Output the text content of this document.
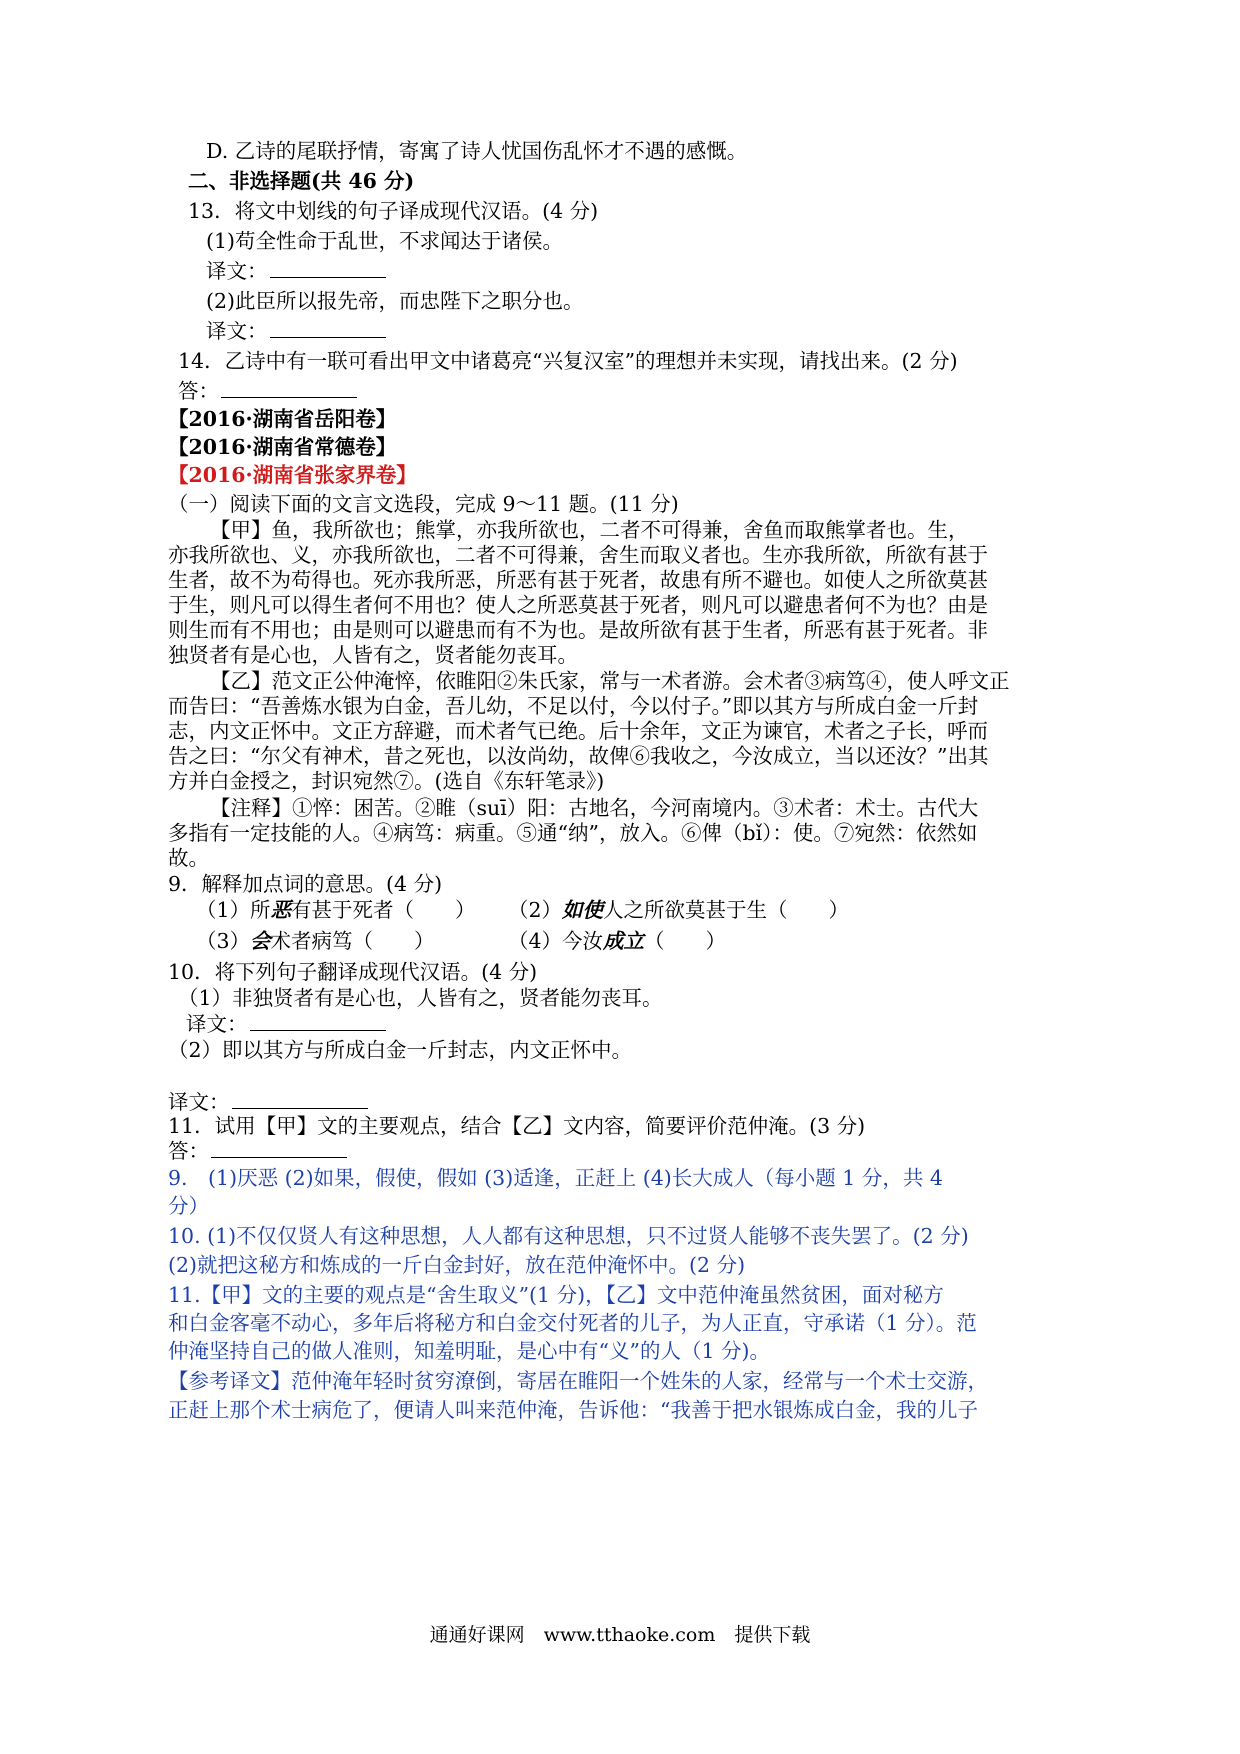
D. 乙诗的尾联抒情，寄寓了诗人忧国伤乱怀才不遇的感慨。
二、非选择题(共 46 分)
13．将文中划线的句子译成现代汉语。(4 分)
(1)苟全性命于乱世，不求闻达于诸侯。
译文：
(2)此臣所以报先帝，而忠陛下之职分也。
译文：
14．乙诗中有一联可看出甲文中诸葛亮“兴复汉室”的理想并未实现，请找出来。(2 分)
答：
【2016·湖南省岳阳卷】
【2016·湖南省常德卷】
【2016·湖南省张家界卷】
（一）阅读下面的文言文选段，完成 9～11 题。(11 分)
【甲】鱼，我所欲也；熊掌，亦我所欲也，二者不可得兼，舍鱼而取熊掌者也。生，
亦我所欲也、义，亦我所欲也，二者不可得兼，舍生而取义者也。生亦我所欲，所欲有甚于
生者，故不为苟得也。死亦我所恶，所恶有甚于死者，故患有所不避也。如使人之所欲莫甚
于生，则凡可以得生者何不用也？使人之所恶莫甚于死者，则凡可以避患者何不为也？由是
则生而有不用也；由是则可以避患而有不为也。是故所欲有甚于生者，所恶有甚于死者。非
独贤者有是心也，人皆有之，贤者能勿丧耳。
【乙】范文正公仲淹悴，依睢阳②朱氏家，常与一术者游。会术者③病笃④，使人呼文正
而告曰：“吾善炼水银为白金，吾儿幼，不足以付，今以付子。”即以其方与所成白金一斤封
志，内文正怀中。文正方辞避，而术者气已绝。后十余年，文正为谏官，术者之子长，呼而
告之曰：“尔父有神术，昔之死也，以汝尚幼，故俾⑥我收之，今汝成立，当以还汝？”出其
方并白金授之，封识宛然⑦。(选自《东轩笔录》)
【注释】①悴：困苦。②睢（suī）阳：古地名，今河南境内。③术者：术士。古代大
多指有一定技能的人。④病笃：病重。⑤通“纳”，放入。⑥俾（bǐ）：使。⑦宛然：依然如
故。
9．解释加点词的意思。(4 分)
（1）所恶有甚于死者（　　） （2）如使人之所欲莫甚于生（　　）
（3）会术者病笃（　　）	（4）今汝成立（　　）
10．将下列句子翻译成现代汉语。(4 分)
（1）非独贤者有是心也，人皆有之，贤者能勿丧耳。
译文：
（2）即以其方与所成白金一斤封志，内文正怀中。
译文：
11．试用【甲】文的主要观点，结合【乙】文内容，简要评价范仲淹。(3 分)
答：
9.　(1)厌恶 (2)如果，假使，假如 (3)适逢，正赶上 (4)长大成人（每小题 1 分，共 4
分）
10. (1)不仅仅贤人有这种思想，人人都有这种思想，只不过贤人能够不丧失罢了。(2 分)
(2)就把这秘方和炼成的一斤白金封好，放在范仲淹怀中。(2 分)
11.【甲】文的主要的观点是“舍生取义”(1 分)，【乙】文中范仲淹虽然贫困，面对秘方
和白金客毫不动心，多年后将秘方和白金交付死者的儿子，为人正直，守承诺（1 分）。范
仲淹坚持自己的做人准则，知羞明耻，是心中有“义”的人（1 分)。
【参考译文】范仲淹年轻时贫穷潦倒，寄居在睢阳一个姓朱的人家，经常与一个术士交游，
正赶上那个术士病危了，便请人叫来范仲淹，告诉他：“我善于把水银炼成白金，我的儿子
通通好课网　www.tthaoke.com　提供下载
